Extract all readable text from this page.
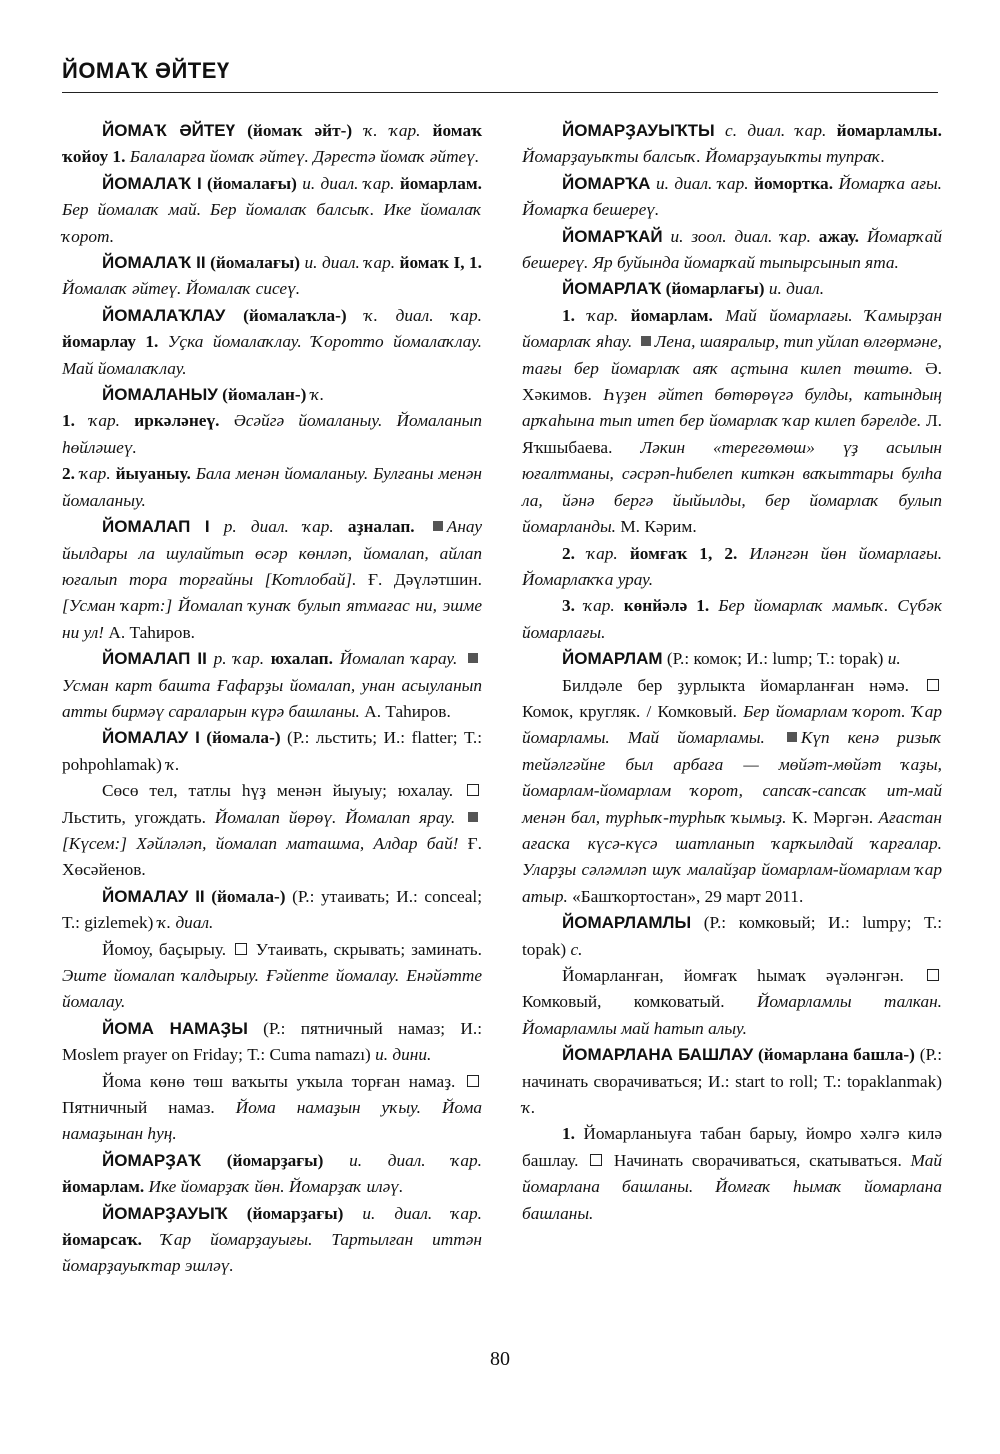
ЙОМАҠ ӘЙТЕҮ

ЙОМАҠ ӘЙТЕҮ (йомаҡ әйт-) ҡ. ҡар. йомаҡ ҡойоу 1. Балаларға йомаҡ әйтеү. Дәрестә йомаҡ әйтеү.

ЙОМАЛАҠ I (йомалағы) и. диал. ҡар. йомарлам. Бер йомалаҡ май. Бер йомалаҡ балсыҡ. Ике йомалаҡ ҡорот.

ЙОМАЛАҠ II (йомалағы) и. диал. ҡар. йомаҡ I, 1. Йомалаҡ әйтеү. Йомалаҡ сисеү.

ЙОМАЛАҠЛАУ (йомалаҡла-) ҡ. диал. ҡар. йомарлау 1. Уҫка йомалаҡлау. Ҡоротто йомалаҡлау. Май йомалаҡлау.

ЙОМАЛАНЫУ (йомалан-) ҡ.

1. ҡар. иркәләнеү. Әсәйгә йомаланыу. Йомаланып һөйләшеү.

2. ҡар. йыуаныу. Бала менән йомаланыу. Булғаны менән йомаланыу.

ЙОМАЛАП I р. диал. ҡар. аҙналап. Анау йылдары ла шулайтып өсәр көнләп, йомалап, айлап юғалып тора торғайны [Котлобай]. Ғ. Дәүләтшин. [Усман ҡарт:] Йомалап ҡунаҡ булып ятмағас ни, эшме ни ул! А. Таһиров.

ЙОМАЛАП II р. ҡар. юхалап. Йомалап ҡарау. Усман карт башта Ғафарҙы йомалап, унан асыуланып атты бирмәү сараларын күрә башланы. А. Таһиров.

ЙОМАЛАУ I (йомала-) (Р.: льстить; И.: flatter; Т.: pohpohlamak) ҡ.

Сөсө тел, татлы һүҙ менән йыуыу; юхалау.  Льстить, угождать. Йомалап йөрөү. Йомалап ярау. [Күсем:] Хәйләләп, йомалап маташма, Алдар бай! Ғ. Хөсәйенов.

ЙОМАЛАУ II (йомала-) (Р.: утаивать; И.: conceal; Т.: gizlemek) ҡ. диал.

Йомоу, баҫырыу.  Утаивать, скрывать; заминать. Эште йомалап ҡалдырыу. Ғәйепте йомалау. Енәйәтте йомалау.

ЙОМА НАМАҘЫ (Р.: пятничный намаз; И.: Moslem prayer on Friday; Т.: Cuma namazı) и. дини.

Йома көнө төш ваҡыты уҡыла торған намаҙ.  Пятничный намаз. Йома намаҙын уҡыу. Йома намаҙынан һуң.

ЙОМАРҘАҠ (йомарҙағы) и. диал. ҡар. йомарлам. Ике йомарҙаҡ йөн. Йомарҙаҡ иләү.

ЙОМАРҘАУЫҠ (йомарҙағы) и. диал. ҡар. йомарсаҡ. Ҡар йомарҙауығы. Тартылған иттән йомарҙауыҡтар эшләү.

ЙОМАРҘАУЫҠТЫ с. диал. ҡар. йомарламлы. Йомарҙауыҡты балсыҡ. Йомарҙауыҡты тупраҡ.

ЙОМАРҠА и. диал. ҡар. йомортка. Йомарҡа ағы. Йомарҡа бешереү.

ЙОМАРҠАЙ и. зоол. диал. ҡар. ажау. Йомарҡай бешереү. Яр буйында йомарҡай тыпырсынып ята.

ЙОМАРЛАҠ (йомарлағы) и. диал.

1. ҡар. йомарлам. Май йомарлағы. Ҡамырҙан йомарлаҡ яһау. Лена, шаяралыр, тип уйлап өлгөрмәне, тағы бер йомарлаҡ аяҡ аҫтына килеп төштө. Ә. Хәкимов. Һүҙен әйтеп бөтөрөүгә булды, катындың арҡаһына тып итеп бер йомарлаҡ ҡар килеп бәрелде. Л. Яҡшыбаева. Ләкин «терегөмөш» үҙ асылын юғалтманы, сәсрәп-һибелеп киткән ваҡыттары булһа ла, йәнә бергә йыйылды, бер йомарлаҡ булып йомарланды. М. Кәрим.

2. ҡар. йомғаҡ 1, 2. Иләнгән йөн йомарлағы. Йомарлаҡҡа урау.

3. ҡар. көнйәлә 1. Бер йомарлаҡ мамыҡ. Сүбәк йомарлағы.

ЙОМАРЛАМ (Р.: комок; И.: lump; Т.: topak) и.

Билдәле бер ҙурлыкта йомарланған нәмә.  Комок, кругляк. / Комковый. Бер йомарлам ҡорот. Ҡар йомарламы. Май йомарламы. Күп кенә ризыҡ тейәлгәйне был арбаға — мөйәт-мөйәт ҡаҙы, йомарлам-йомарлам ҡорот, сапсаҡ-сапсаҡ ит-май менән бал, турһыҡ-турһыҡ ҡымыҙ. К. Мәргән. Ағастан ағаска күсә-күсә шатланып ҡарҡылдай ҡарғалар. Уларҙы сәләмләп шуҡ малайҙар йомарлам-йомарлам ҡар атыр. «Башҡортостан», 29 март 2011.

ЙОМАРЛАМЛЫ (Р.: комковый; И.: lumpy; Т.: topak) с.

Йомарланған, йомғаҡ һымаҡ әүәләнгән.  Комковый, комковатый. Йомарламлы талкан. Йомарламлы май һатып алыу.

ЙОМАРЛАНА БАШЛАУ (йомарлана башла-) (Р.: начинать сворачиваться; И.: start to roll; Т.: topaklanmak) ҡ.

1. Йомарланыуға табан барыу, йомро хәлгә килә башлау.  Начинать сворачиваться, скатываться. Май йомарлана башланы. Йомғаҡ һымаҡ йомарлана башланы.

80
